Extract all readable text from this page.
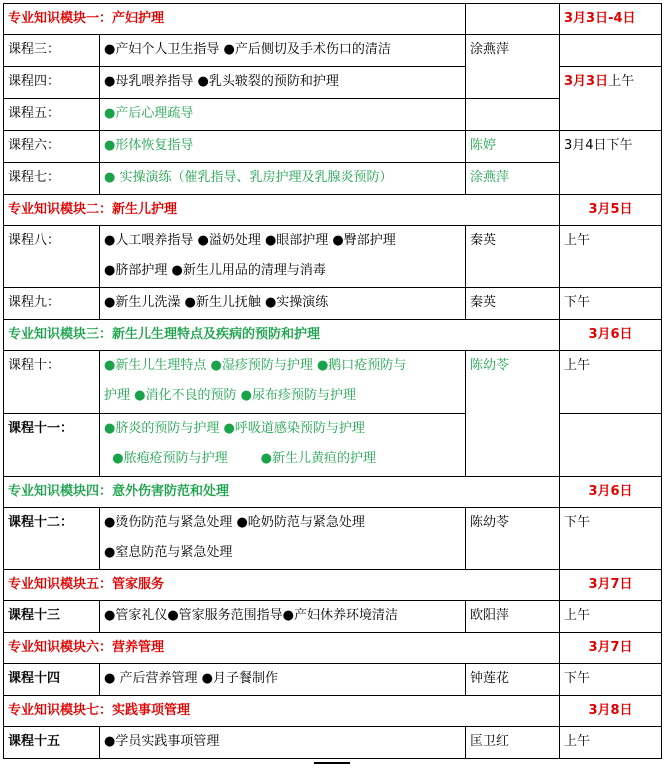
专业知识模块一：产妇护理			3月3日-4日
课程三：	●产妇个人卫生指导 ●产后侧切及手术伤口的清洁	涂燕萍	
课程四：	●母乳喂养指导 ●乳头皲裂的预防和护理		3月3日上午
课程五：	●产后心理疏导		
课程六：	●形体恢复指导	陈婷	3月4日下午
课程七：	● 实操演练（催乳指导、乳房护理及乳腺炎预防）	涂燕萍	
专业知识模块二：新生儿护理			3月5日
课程八：	●人工喂养指导 ●溢奶处理 ●眼部护理 ●臀部护理
●脐部护理 ●新生儿用品的清理与消毒	秦英	上午
课程九：	●新生儿洗澡 ●新生儿抚触 ●实操演练	秦英	下午
专业知识模块三：新生儿生理特点及疾病的预防和护理			3月6日
课程十：	●新生儿生理特点 ●湿疹预防与护理 ●鹅口疮预防与
护理 ●消化不良的预防 ●尿布疹预防与护理	陈幼苓	上午
课程十一：	●脐炎的预防与护理 ●呼吸道感染预防与护理
●脓疱疮预防与护理        ●新生儿黄疸的护理		

专业知识模块四：意外伤害防范和处理			3月6日
课程十二：	●烫伤防范与紧急处理 ●呛奶防范与紧急处理
●窒息防范与紧急处理	陈幼苓	下午
专业知识模块五：管家服务			3月7日
课程十三	●管家礼仪●管家服务范围指导●产妇休养环境清洁	欧阳萍	上午
专业知识模块六：营养管理			3月7日
课程十四	● 产后营养管理 ●月子餐制作	钟莲花	下午
专业知识模块七：实践事项管理			3月8日
课程十五	●学员实践事项管理	匡卫红	上午
